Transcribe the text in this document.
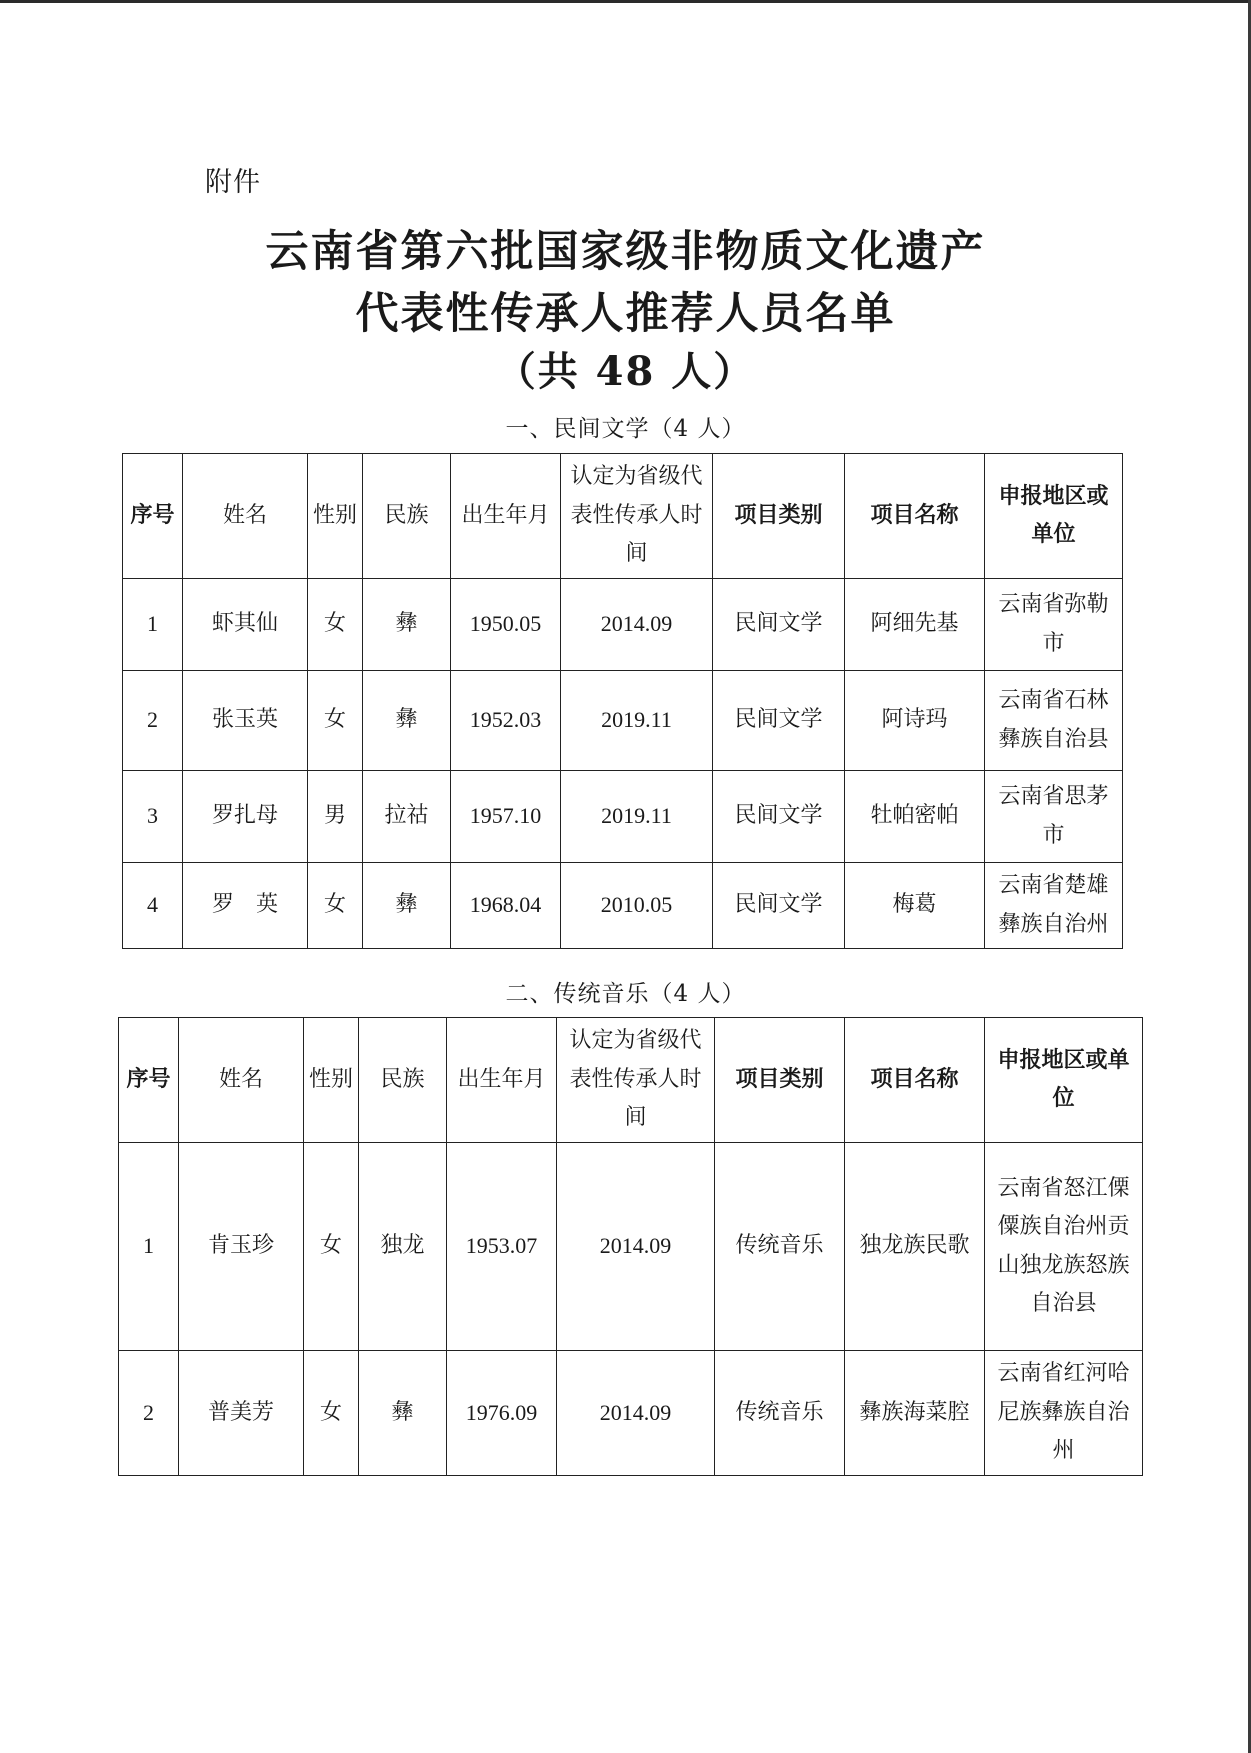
附件
云南省第六批国家级非物质文化遗产
代表性传承人推荐人员名单
（共 48 人）
一、民间文学（4 人）
序号	姓名	性别	民族	出生年月	认定为省级代表性传承人时间	项目类别	项目名称	申报地区或单位
1	虾其仙	女	彝	1950.05	2014.09	民间文学	阿细先基	云南省弥勒市
2	张玉英	女	彝	1952.03	2019.11	民间文学	阿诗玛	云南省石林彝族自治县
3	罗扎母	男	拉祜	1957.10	2019.11	民间文学	牡帕密帕	云南省思茅市
4	罗　英	女	彝	1968.04	2010.05	民间文学	梅葛	云南省楚雄彝族自治州
二、传统音乐（4 人）
序号	姓名	性别	民族	出生年月	认定为省级代表性传承人时间	项目类别	项目名称	申报地区或单位
1	肯玉珍	女	独龙	1953.07	2014.09	传统音乐	独龙族民歌	云南省怒江傈僳族自治州贡山独龙族怒族自治县
2	普美芳	女	彝	1976.09	2014.09	传统音乐	彝族海菜腔	云南省红河哈尼族彝族自治州
